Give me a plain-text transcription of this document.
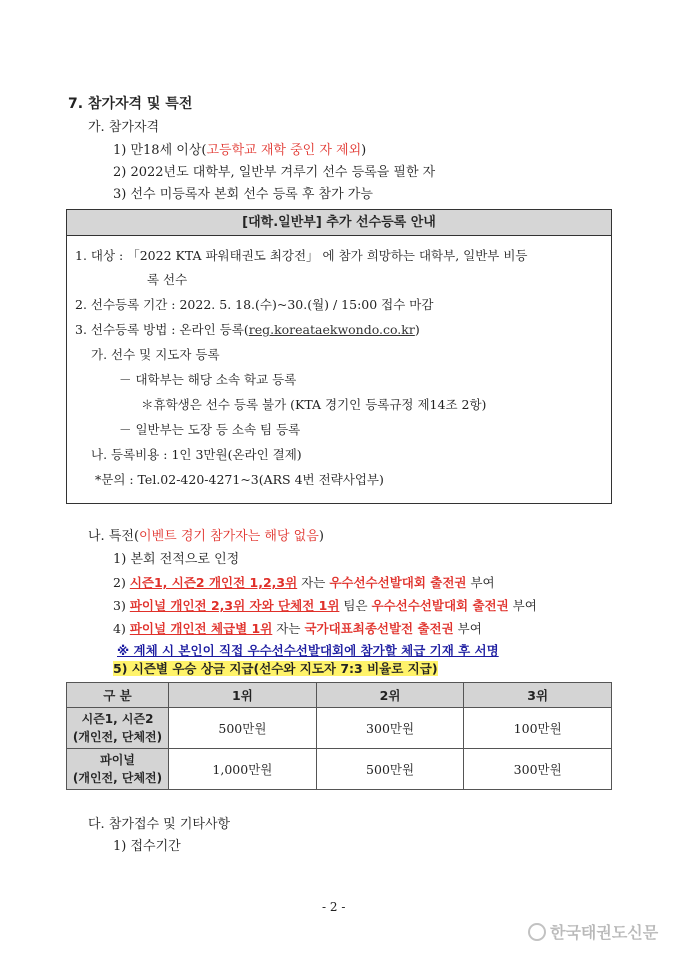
7. 참가자격 및 특전
가. 참가자격
1) 만18세 이상(고등학교 재학 중인 자 제외)
2) 2022년도 대학부, 일반부 겨루기 선수 등록을 필한 자
3) 선수 미등록자 본회 선수 등록 후 참가 가능
[대학.일반부] 추가 선수등록 안내
1. 대상 : 「2022 KTA 파워태권도 최강전」 에 참가 희망하는 대학부, 일반부 비등
록 선수
2. 선수등록 기간 : 2022. 5. 18.(수)~30.(월) / 15:00 접수 마감
3. 선수등록 방법 : 온라인 등록(reg.koreataekwondo.co.kr)
가. 선수 및 지도자 등록
－ 대학부는 해당 소속 학교 등록
＊휴학생은 선수 등록 불가 (KTA 경기인 등록규정 제14조 2항)
－ 일반부는 도장 등 소속 팀 등록
나. 등록비용 : 1인 3만원(온라인 결제)
*문의 : Tel.02-420-4271~3(ARS 4번 전략사업부)
나. 특전(이벤트 경기 참가자는 해당 없음)
1) 본회 전적으로 인정
2) 시즌1, 시즌2 개인전 1,2,3위 자는 우수선수선발대회 출전권 부여
3) 파이널 개인전 2,3위 자와 단체전 1위 팀은 우수선수선발대회 출전권 부여
4) 파이널 개인전 체급별 1위 자는 국가대표최종선발전 출전권 부여
※ 계체 시 본인이 직접 우수선수선발대회에 참가할 체급 기재 후 서명
5) 시즌별 우승 상금 지급(선수와 지도자 7:3 비율로 지급)
구 분	1위	2위	3위

시즌1, 시즌2
(개인전, 단체전)	500만원	300만원	100만원

파이널
(개인전, 단체전)	1,000만원	500만원	300만원
다. 참가접수 및 기타사항
1) 접수기간
- 2 -
한국태권도신문
